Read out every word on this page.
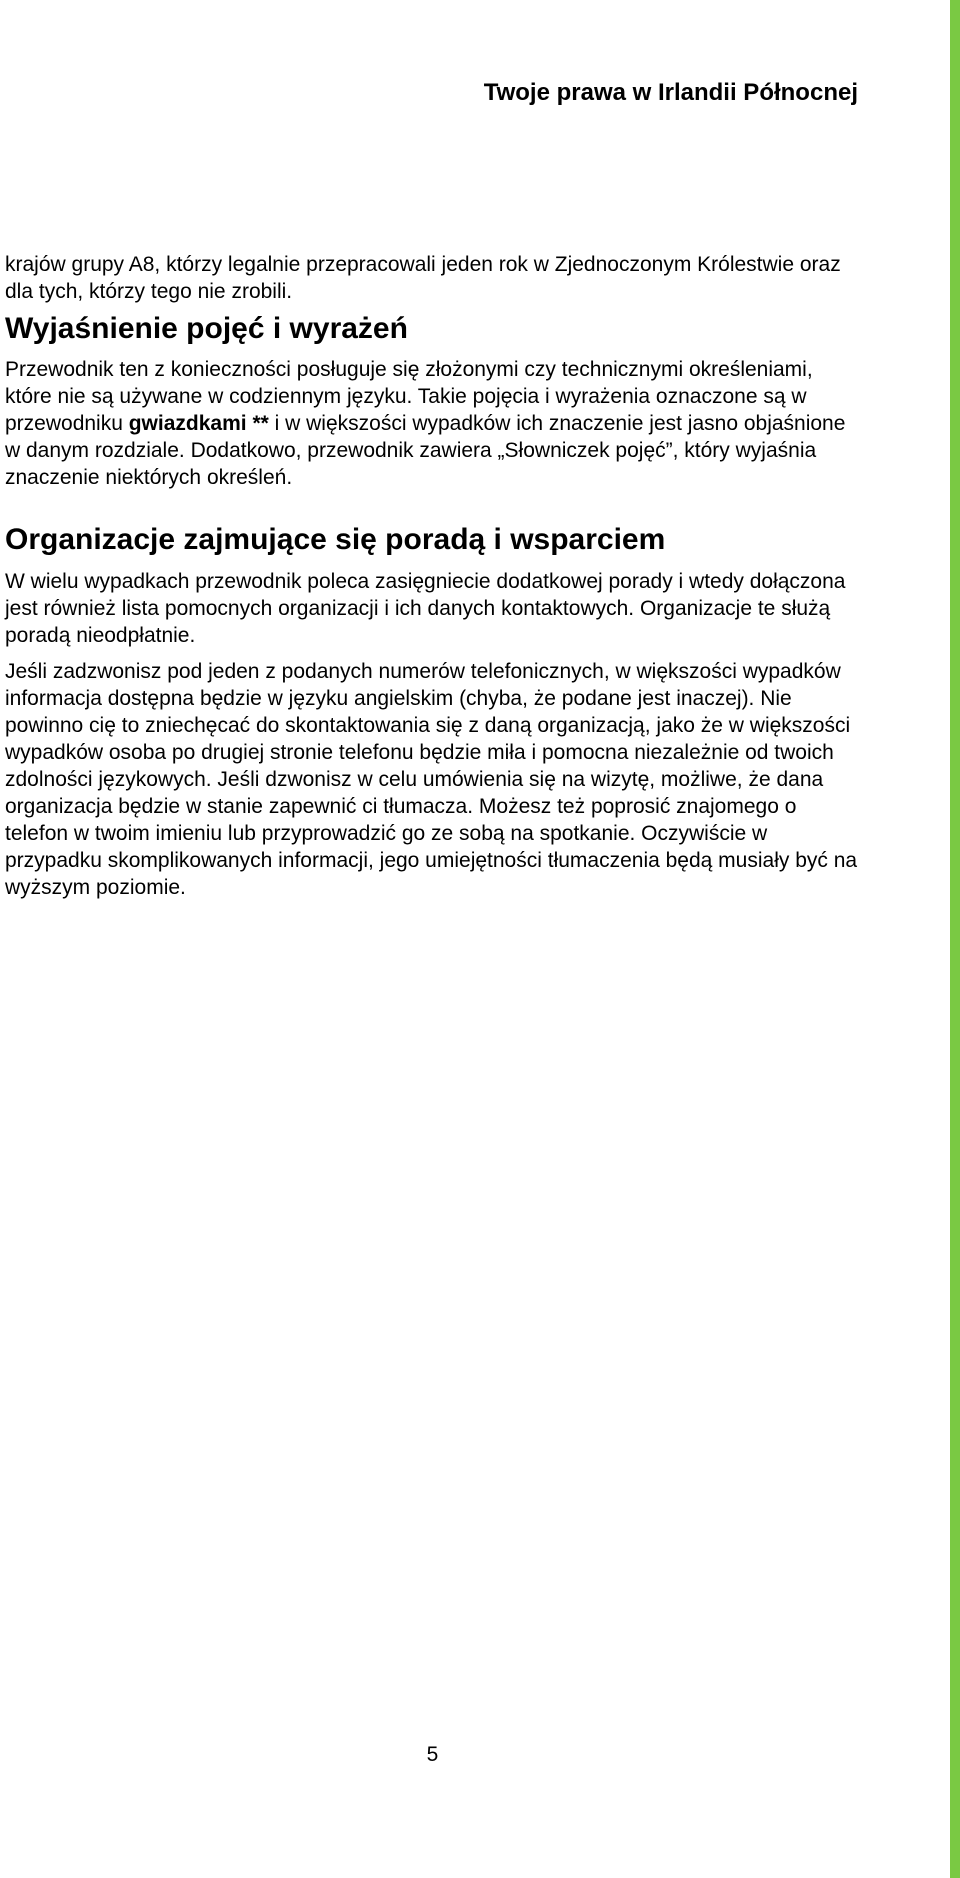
Twoje prawa w Irlandii Północnej

krajów grupy A8, którzy legalnie przepracowali jeden rok w Zjednoczonym Królestwie oraz dla tych, którzy tego nie zrobili.

Wyjaśnienie pojęć i wyrażeń

Przewodnik ten z konieczności posługuje się złożonymi czy technicznymi określeniami, które nie są używane w codziennym języku. Takie pojęcia i wyrażenia oznaczone są w przewodniku gwiazdkami ** i w większości wypadków ich znaczenie jest jasno objaśnione w danym rozdziale. Dodatkowo, przewodnik zawiera „Słowniczek pojęć”, który wyjaśnia znaczenie niektórych określeń.

Organizacje zajmujące się poradą i wsparciem

W wielu wypadkach przewodnik poleca zasięgniecie dodatkowej porady i wtedy dołączona jest również lista pomocnych organizacji i ich danych kontaktowych. Organizacje te służą poradą nieodpłatnie.

Jeśli zadzwonisz pod jeden z podanych numerów telefonicznych, w większości wypadków informacja dostępna będzie w języku angielskim (chyba, że podane jest inaczej). Nie powinno cię to zniechęcać do skontaktowania się z daną organizacją, jako że w większości wypadków osoba po drugiej stronie telefonu będzie miła i pomocna niezależnie od twoich zdolności językowych. Jeśli dzwonisz w celu umówienia się na wizytę, możliwe, że dana organizacja będzie w stanie zapewnić ci tłumacza. Możesz też poprosić znajomego o telefon w twoim imieniu lub przyprowadzić go ze sobą na spotkanie. Oczywiście w przypadku skomplikowanych informacji, jego umiejętności tłumaczenia będą musiały być na wyższym poziomie.

5
